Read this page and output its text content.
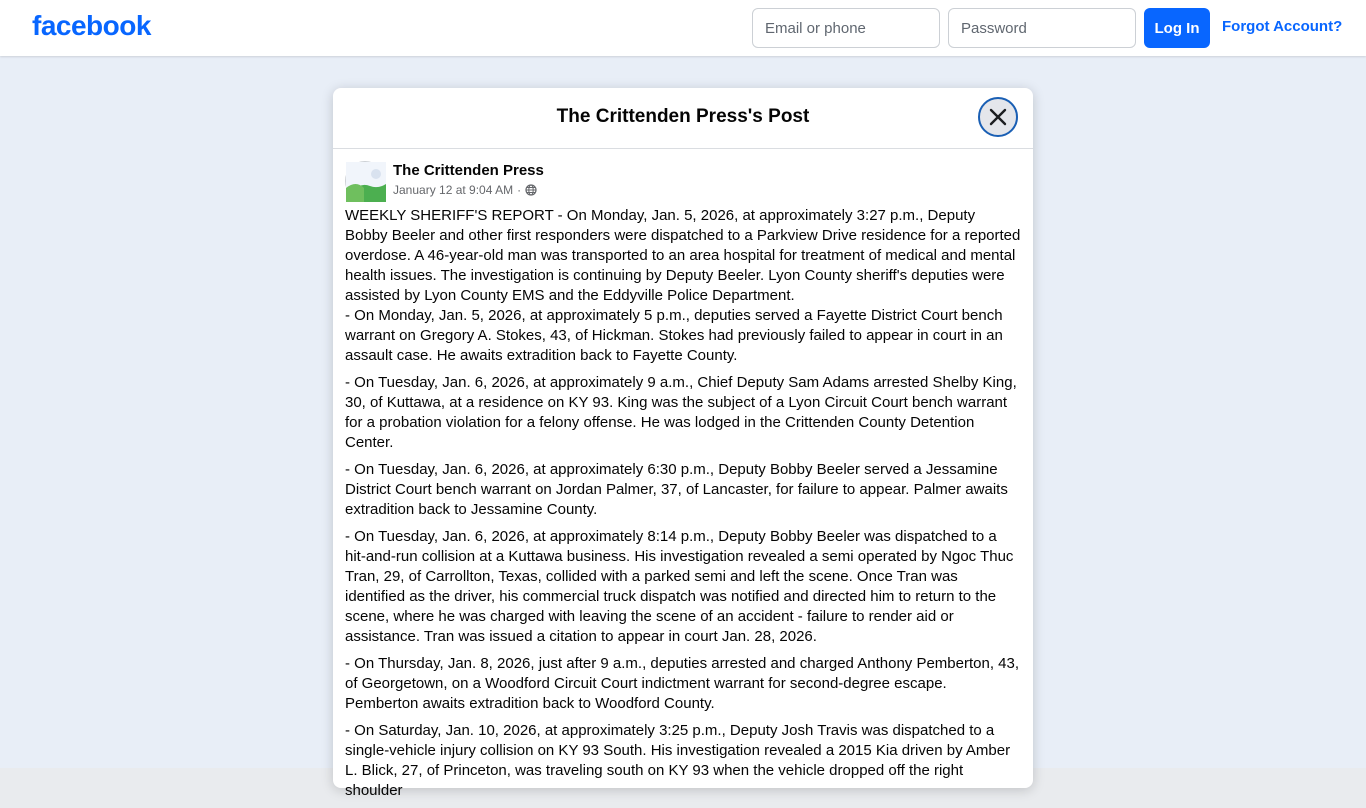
facebook
Email or phone	Log In	Forgot Account?
The Crittenden Press's Post
The Crittenden Press
January 12 at 9:04 AM ·

WEEKLY SHERIFF'S REPORT - On Monday, Jan. 5, 2026, at approximately 3:27 p.m., Deputy Bobby Beeler and other first responders were dispatched to a Parkview Drive residence for a reported overdose. A 46-year-old man was transported to an area hospital for treatment of medical and mental health issues. The investigation is continuing by Deputy Beeler. Lyon County sheriff's deputies were assisted by Lyon County EMS and the Eddyville Police Department.

- On Monday, Jan. 5, 2026, at approximately 5 p.m., deputies served a Fayette District Court bench warrant on Gregory A. Stokes, 43, of Hickman. Stokes had previously failed to appear in court in an assault case. He awaits extradition back to Fayette County.

- On Tuesday, Jan. 6, 2026, at approximately 9 a.m., Chief Deputy Sam Adams arrested Shelby King, 30, of Kuttawa, at a residence on KY 93. King was the subject of a Lyon Circuit Court bench warrant for a probation violation for a felony offense. He was lodged in the Crittenden County Detention Center.

- On Tuesday, Jan. 6, 2026, at approximately 6:30 p.m., Deputy Bobby Beeler served a Jessamine District Court bench warrant on Jordan Palmer, 37, of Lancaster, for failure to appear. Palmer awaits extradition back to Jessamine County.

- On Tuesday, Jan. 6, 2026, at approximately 8:14 p.m., Deputy Bobby Beeler was dispatched to a hit-and-run collision at a Kuttawa business. His investigation revealed a semi operated by Ngoc Thuc Tran, 29, of Carrollton, Texas, collided with a parked semi and left the scene. Once Tran was identified as the driver, his commercial truck dispatch was notified and directed him to return to the scene, where he was charged with leaving the scene of an accident - failure to render aid or assistance. Tran was issued a citation to appear in court Jan. 28, 2026.

- On Thursday, Jan. 8, 2026, just after 9 a.m., deputies arrested and charged Anthony Pemberton, 43, of Georgetown, on a Woodford Circuit Court indictment warrant for second-degree escape. Pemberton awaits extradition back to Woodford County.

- On Saturday, Jan. 10, 2026, at approximately 3:25 p.m., Deputy Josh Travis was dispatched to a single-vehicle injury collision on KY 93 South. His investigation revealed a 2015 Kia driven by Amber L. Blick, 27, of Princeton, was traveling south on KY 93 when the vehicle dropped off the right shoulder
